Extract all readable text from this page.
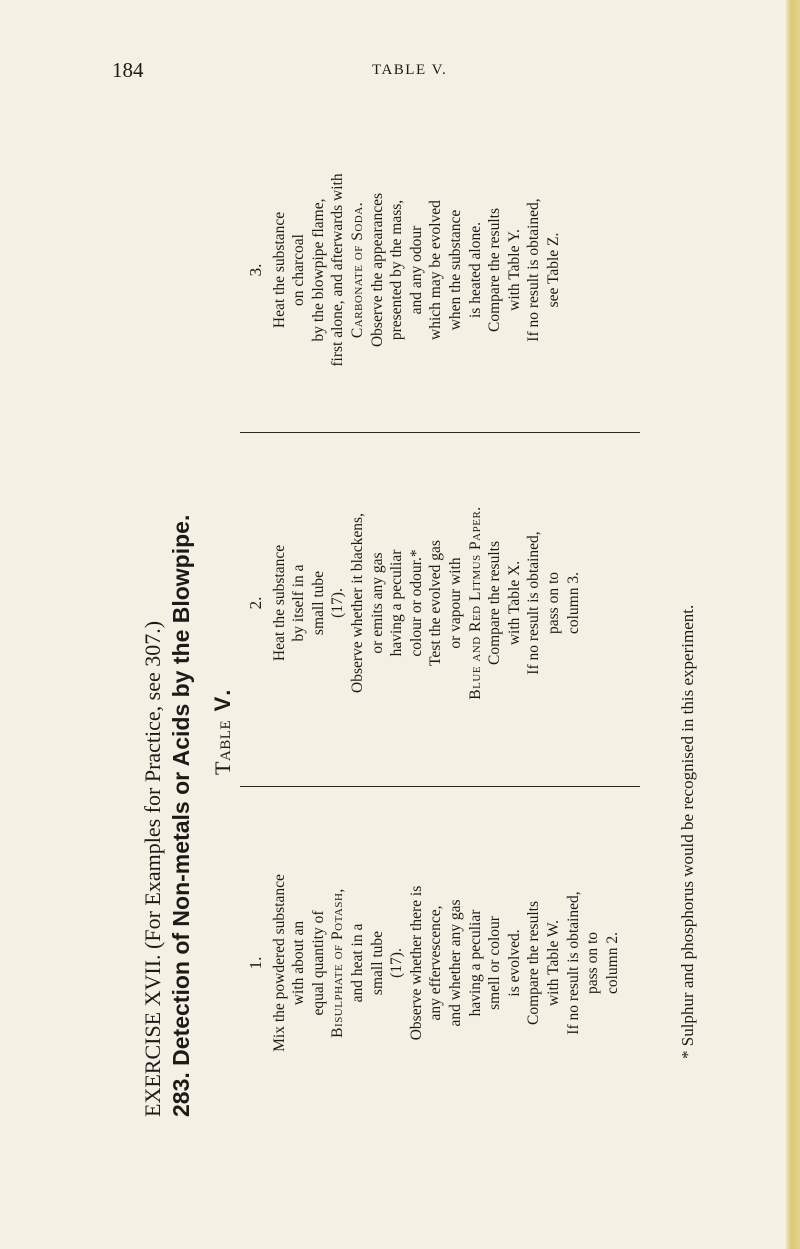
184	TABLE V.
EXERCISE XVII. (For Examples for Practice, see 307.) 283. Detection of Non-metals or Acids by the Blowpipe. Table V.
1. Mix the powdered substance with about an equal quantity of Bisulphate of Potash, and heat in a small tube (17). Observe whether there is any effervescence, and whether any gas having a peculiar smell or colour is evolved. Compare the results with Table W. If no result is obtained, pass on to column 2.
2. Heat the substance by itself in a small tube (17). Observe whether it blackens, or emits any gas having a peculiar colour or odour.* Test the evolved gas or vapour with Blue and Red Litmus Paper. Compare the results with Table X. If no result is obtained, pass on to column 3.
3. Heat the substance on charcoal by the blowpipe flame, first alone, and afterwards with Carbonate of Soda. Observe the appearances presented by the mass, and any odour which may be evolved when the substance is heated alone. Compare the results with Table Y. If no result is obtained, see Table Z.
* Sulphur and phosphorus would be recognised in this experiment.
